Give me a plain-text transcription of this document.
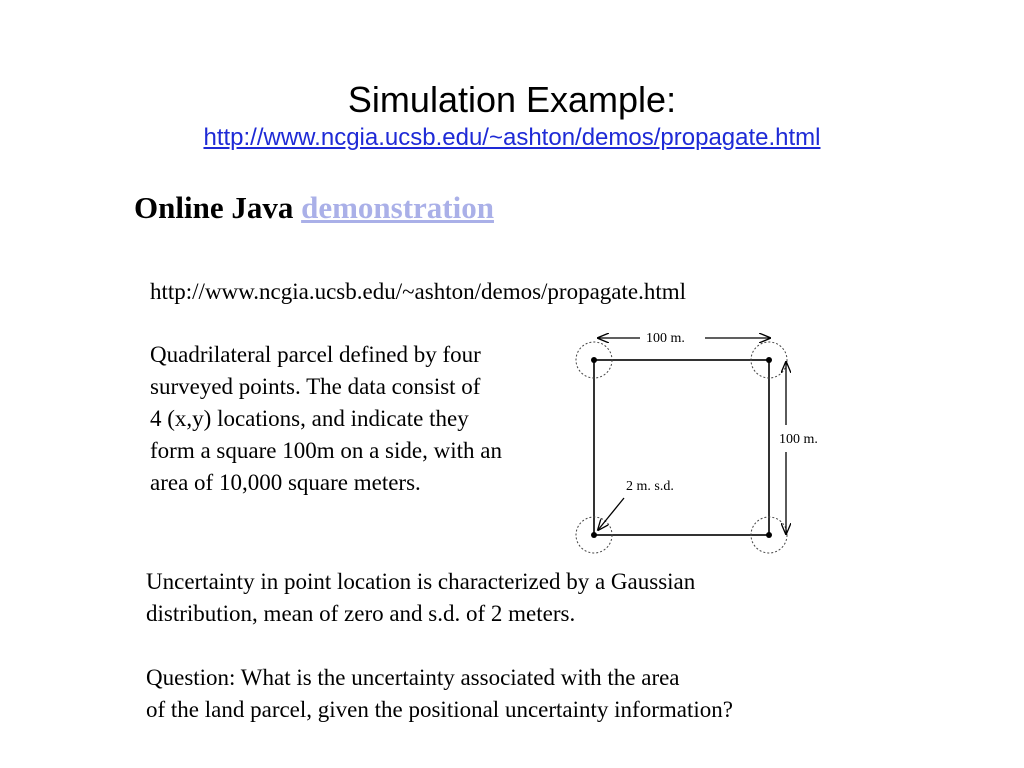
Simulation Example:
http://www.ncgia.ucsb.edu/~ashton/demos/propagate.html
Online Java demonstration
http://www.ncgia.ucsb.edu/~ashton/demos/propagate.html
Quadrilateral parcel defined by four
surveyed points. The data consist of
4 (x,y) locations, and indicate they
form a square 100m on a side, with an
area of 10,000 square meters.
100 m.
100 m.
2 m. s.d.
Uncertainty in point location is characterized by a Gaussian
distribution, mean of zero and s.d. of 2 meters.
Question: What is the uncertainty associated with the area
of the land parcel, given the positional uncertainty information?
